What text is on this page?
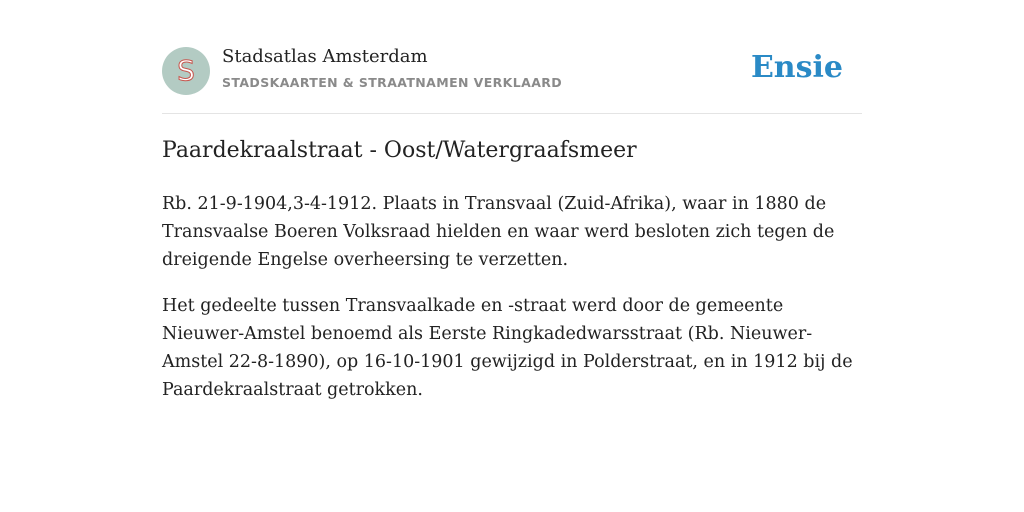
S	Stadsatlas Amsterdam
STADSKAARTEN & STRAATNAMEN VERKLAARD	Ensie
Paardekraalstraat - Oost/Watergraafsmeer

Rb. 21-9-1904,3-4-1912. Plaats in Transvaal (Zuid-Afrika), waar in 1880 de Transvaalse Boeren Volksraad hielden en waar werd besloten zich tegen de dreigende Engelse overheersing te verzetten.

Het gedeelte tussen Transvaalkade en -straat werd door de gemeente Nieuwer-Amstel benoemd als Eerste Ringkadedwarsstraat (Rb. Nieuwer-Amstel 22-8-1890), op 16-10-1901 gewijzigd in Polderstraat, en in 1912 bij de Paardekraalstraat getrokken.
